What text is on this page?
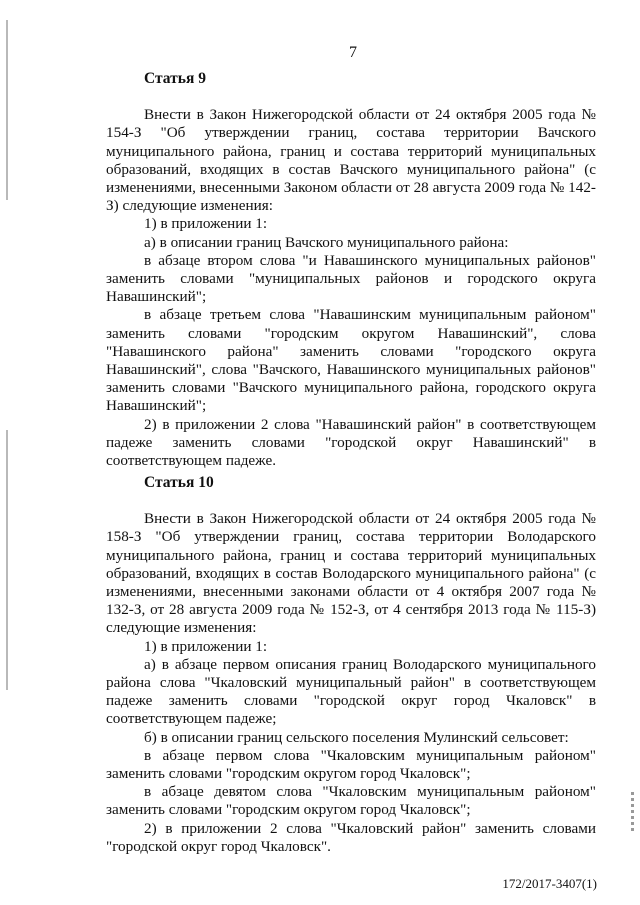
7
Статья 9

Внести в Закон Нижегородской области от 24 октября 2005 года № 154-З "Об утверждении границ, состава территории Вачского муниципального района, границ и состава территорий муниципальных образований, входящих в состав Вачского муниципального района" (с изменениями, внесенными Законом области от 28 августа 2009 года № 142-З) следующие изменения:

1) в приложении 1:

а) в описании границ Вачского муниципального района:

в абзаце втором слова "и Навашинского муниципальных районов" заменить словами "муниципальных районов и городского округа Навашинский";

в абзаце третьем слова "Навашинским муниципальным районом" заменить словами "городским округом Навашинский", слова "Навашинского района" заменить словами "городского округа Навашинский", слова "Вачского, Навашинского муниципальных районов" заменить словами "Вачского муниципального района, городского округа Навашинский";

2) в приложении 2 слова "Навашинский район" в соответствующем падеже заменить словами "городской округ Навашинский" в соответствующем падеже.

Статья 10

Внести в Закон Нижегородской области от 24 октября 2005 года № 158-З "Об утверждении границ, состава территории Володарского муниципального района, границ и состава территорий муниципальных образований, входящих в состав Володарского муниципального района" (с изменениями, внесенными законами области от 4 октября 2007 года № 132-З, от 28 августа 2009 года № 152-З, от 4 сентября 2013 года № 115-З) следующие изменения:

1) в приложении 1:

а) в абзаце первом описания границ Володарского муниципального района слова "Чкаловский муниципальный район" в соответствующем падеже заменить словами "городской округ город Чкаловск" в соответствующем падеже;

б) в описании границ сельского поселения Мулинский сельсовет:

в абзаце первом слова "Чкаловским муниципальным районом" заменить словами "городским округом город Чкаловск";

в абзаце девятом слова "Чкаловским муниципальным районом" заменить словами "городским округом город Чкаловск";

2) в приложении 2 слова "Чкаловский район" заменить словами "городской округ город Чкаловск".

172/2017-3407(1)
